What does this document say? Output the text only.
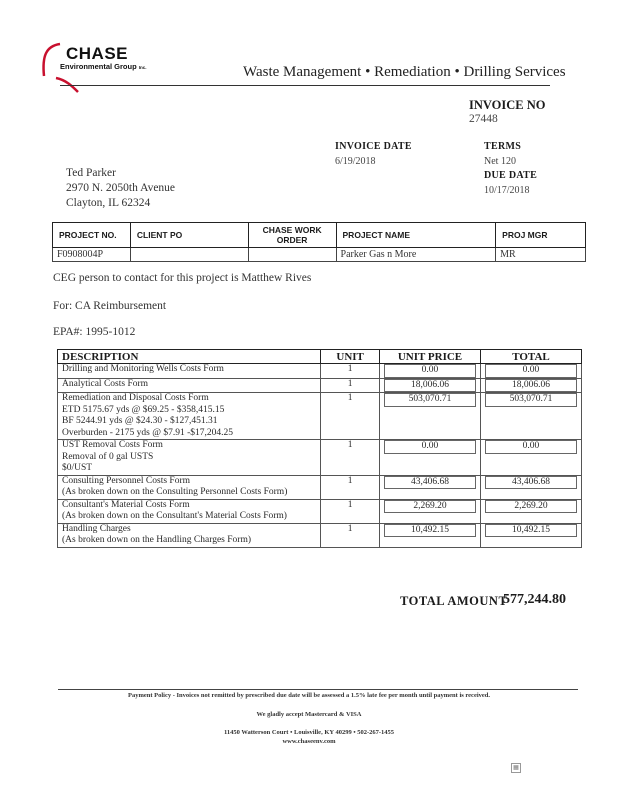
CHASE
Environmental Group Inc.	Waste Management • Remediation • Drilling Services
INVOICE NO
27448
INVOICE DATE
6/19/2018
TERMS
Net 120
DUE DATE
10/17/2018
Ted Parker
2970 N. 2050th Avenue
Clayton, IL 62324
PROJECT NO.	CLIENT PO	CHASE WORK ORDER	PROJECT NAME	PROJ MGR
F0908004P			Parker Gas n More	MR
CEG person to contact for this project is Matthew Rives
For: CA Reimbursement
EPA#: 1995-1012
DESCRIPTION	UNIT	UNIT PRICE	TOTAL

Drilling and Monitoring Wells Costs Form	1	0.00	0.00

Analytical Costs Form	1	18,006.06	18,006.06

Remediation and Disposal Costs Form
ETD 5175.67 yds @ $69.25 - $358,415.15
BF 5244.91 yds @ $24.30 - $127,451.31
Overburden - 2175 yds @ $7.91 -$17,204.25	1	503,070.71	503,070.71

UST Removal Costs Form
Removal of 0 gal USTS
$0/UST	1	0.00	0.00

Consulting Personnel Costs Form
(As broken down on the Consulting Personnel Costs Form)	1	43,406.68	43,406.68

Consultant's Material Costs Form
(As broken down on the Consultant's Material Costs Form)	1	2,269.20	2,269.20

Handling Charges
(As broken down on the Handling Charges Form)	1	10,492.15	10,492.15
TOTAL AMOUNT
577,244.80
Payment Policy - Invoices not remitted by prescribed due date will be assessed a 1.5% late fee per month until payment is received.
We gladly accept Mastercard & VISA
11450 Watterson Court • Louisville, KY 40299 • 502-267-1455
www.chaseenv.com
▦
